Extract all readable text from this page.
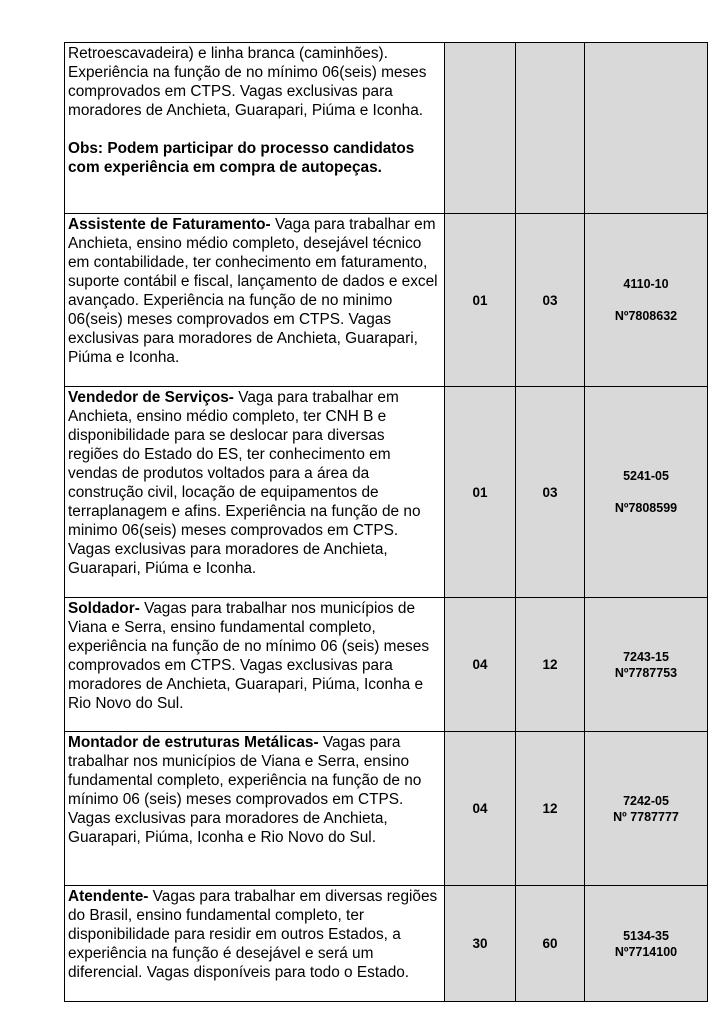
Retroescavadeira) e linha branca (caminhões). Experiência na função de no mínimo 06(seis) meses comprovados em CTPS. Vagas exclusivas para moradores de Anchieta, Guarapari, Piúma e Iconha.
Obs: Podem participar do processo candidatos com experiência em compra de autopeças.			

Assistente de Faturamento- Vaga para trabalhar em Anchieta, ensino médio completo, desejável técnico em contabilidade, ter conhecimento em faturamento, suporte contábil e fiscal, lançamento de dados e excel avançado. Experiência na função de no minimo 06(seis) meses comprovados em CTPS. Vagas exclusivas para moradores de Anchieta, Guarapari, Piúma e Iconha.	01	03	4110-10
Nº7808632

Vendedor de Serviços- Vaga para trabalhar em Anchieta, ensino médio completo, ter CNH B e disponibilidade para se deslocar para diversas regiões do Estado do ES, ter conhecimento em vendas de produtos voltados para a área da construção civil, locação de equipamentos de terraplanagem e afins. Experiência na função de no minimo 06(seis) meses comprovados em CTPS. Vagas exclusivas para moradores de Anchieta, Guarapari, Piúma e Iconha.	01	03	5241-05
Nº7808599

Soldador- Vagas para trabalhar nos municípios de Viana e Serra, ensino fundamental completo, experiência na função de no mínimo 06 (seis) meses comprovados em CTPS. Vagas exclusivas para moradores de Anchieta, Guarapari, Piúma, Iconha e Rio Novo do Sul.	04	12	7243-15
Nº7787753

Montador de estruturas Metálicas- Vagas para trabalhar nos municípios de Viana e Serra, ensino fundamental completo, experiência na função de no mínimo 06 (seis) meses comprovados em CTPS. Vagas exclusivas para moradores de Anchieta, Guarapari, Piúma, Iconha e Rio Novo do Sul.	04	12	7242-05
Nº 7787777

Atendente- Vagas para trabalhar em diversas regiões do Brasil, ensino fundamental completo, ter disponibilidade para residir em outros Estados, a experiência na função é desejável e será um diferencial. Vagas disponíveis para todo o Estado.	30	60	5134-35
Nº7714100
